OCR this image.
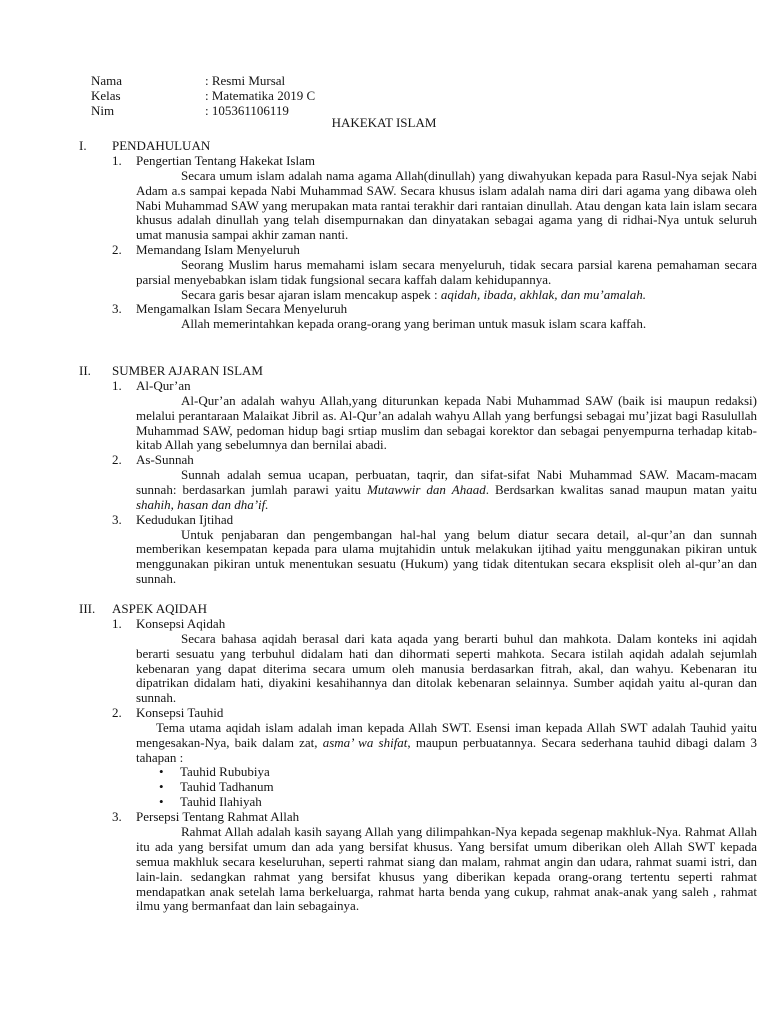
Nama	: Resmi Mursal
Kelas	: Matematika 2019 C
Nim	: 105361106119
HAKEKAT ISLAM
I.	PENDAHULUAN
1. Pengertian Tentang Hakekat Islam
Secara umum islam adalah nama agama Allah(dinullah) yang diwahyukan kepada para Rasul-Nya sejak Nabi Adam a.s sampai kepada Nabi Muhammad SAW. Secara khusus islam adalah nama diri dari agama yang dibawa oleh Nabi Muhammad SAW yang merupakan mata rantai terakhir dari rantaian dinullah. Atau dengan kata lain islam secara khusus adalah dinullah yang telah disempurnakan dan dinyatakan sebagai agama yang di ridhai-Nya untuk seluruh umat manusia sampai akhir zaman nanti.
2. Memandang Islam Menyeluruh
Seorang Muslim harus memahami islam secara menyeluruh, tidak secara parsial karena pemahaman secara parsial menyebabkan islam tidak fungsional secara kaffah dalam kehidupannya.
Secara garis besar ajaran islam mencakup aspek : aqidah, ibada, akhlak, dan mu’amalah.
3. Mengamalkan Islam Secara Menyeluruh
Allah memerintahkan kepada orang-orang yang beriman untuk masuk islam scara kaffah.
II.	SUMBER AJARAN ISLAM
1. Al-Qur’an
Al-Qur’an adalah wahyu Allah,yang diturunkan kepada Nabi Muhammad SAW (baik isi maupun redaksi) melalui perantaraan Malaikat Jibril as. Al-Qur’an adalah wahyu Allah yang berfungsi sebagai mu’jizat bagi Rasulullah Muhammad SAW, pedoman hidup bagi srtiap muslim dan sebagai korektor dan sebagai penyempurna terhadap kitab-kitab Allah yang sebelumnya dan bernilai abadi.
2. As-Sunnah
Sunnah adalah semua ucapan, perbuatan, taqrir, dan sifat-sifat Nabi Muhammad SAW. Macam-macam sunnah: berdasarkan jumlah parawi yaitu Mutawwir dan Ahaad. Berdsarkan kwalitas sanad maupun matan yaitu shahih, hasan dan dha’if.
3. Kedudukan Ijtihad
Untuk penjabaran dan pengembangan hal-hal yang belum diatur secara detail, al-qur’an dan sunnah memberikan kesempatan kepada para ulama mujtahidin untuk melakukan ijtihad yaitu menggunakan pikiran untuk menggunakan pikiran untuk menentukan sesuatu (Hukum) yang tidak ditentukan secara eksplisit oleh al-qur’an dan sunnah.
III.	ASPEK AQIDAH
1. Konsepsi Aqidah
Secara bahasa aqidah berasal dari kata aqada yang berarti buhul dan mahkota. Dalam konteks ini aqidah berarti sesuatu yang terbuhul didalam hati dan dihormati seperti mahkota. Secara istilah aqidah adalah sejumlah kebenaran yang dapat diterima secara umum oleh manusia berdasarkan fitrah, akal, dan wahyu. Kebenaran itu dipatrikan didalam hati, diyakini kesahihannya dan ditolak kebenaran selainnya. Sumber aqidah yaitu al-quran dan sunnah.
2. Konsepsi Tauhid
Tema utama aqidah islam adalah iman kepada Allah SWT. Esensi iman kepada Allah SWT adalah Tauhid yaitu mengesakan-Nya, baik dalam zat, asma’ wa shifat, maupun perbuatannya. Secara sederhana tauhid dibagi dalam 3 tahapan :
• Tauhid Rububiya
• Tauhid Tadhanum
• Tauhid Ilahiyah
3. Persepsi Tentang Rahmat Allah
Rahmat Allah adalah kasih sayang Allah yang dilimpahkan-Nya kepada segenap makhluk-Nya. Rahmat Allah itu ada yang bersifat umum dan ada yang bersifat khusus. Yang bersifat umum diberikan oleh Allah SWT kepada semua makhluk secara keseluruhan, seperti rahmat siang dan malam, rahmat angin dan udara, rahmat suami istri, dan lain-lain. sedangkan rahmat yang bersifat khusus yang diberikan kepada orang-orang tertentu seperti rahmat mendapatkan anak setelah lama berkeluarga, rahmat harta benda yang cukup, rahmat anak-anak yang saleh , rahmat ilmu yang bermanfaat dan lain sebagainya.
